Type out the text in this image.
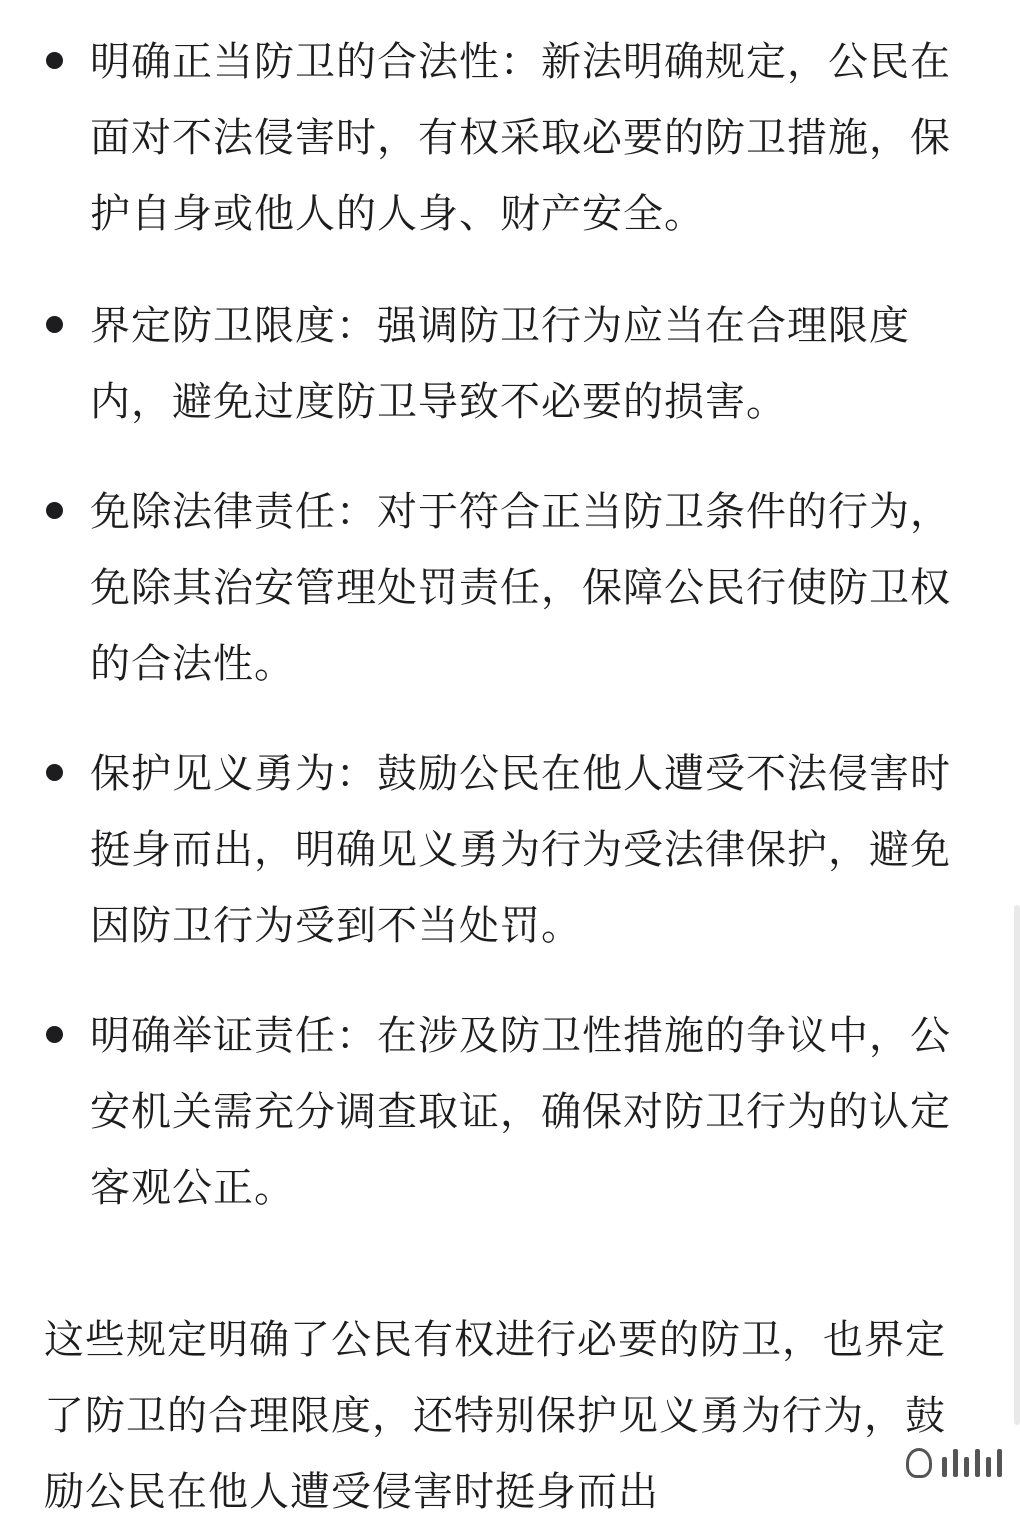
明确正当防卫的合法性：新法明确规定，公民在面对不法侵害时，有权采取必要的防卫措施，保护自身或他人的人身、财产安全。
界定防卫限度：强调防卫行为应当在合理限度内，避免过度防卫导致不必要的损害。
免除法律责任：对于符合正当防卫条件的行为，免除其治安管理处罚责任，保障公民行使防卫权的合法性。
保护见义勇为：鼓励公民在他人遭受不法侵害时挺身而出，明确见义勇为行为受法律保护，避免因防卫行为受到不当处罚。
明确举证责任：在涉及防卫性措施的争议中，公安机关需充分调查取证，确保对防卫行为的认定客观公正。

这些规定明确了公民有权进行必要的防卫，也界定了防卫的合理限度，还特别保护见义勇为行为，鼓励公民在他人遭受侵害时挺身而出
